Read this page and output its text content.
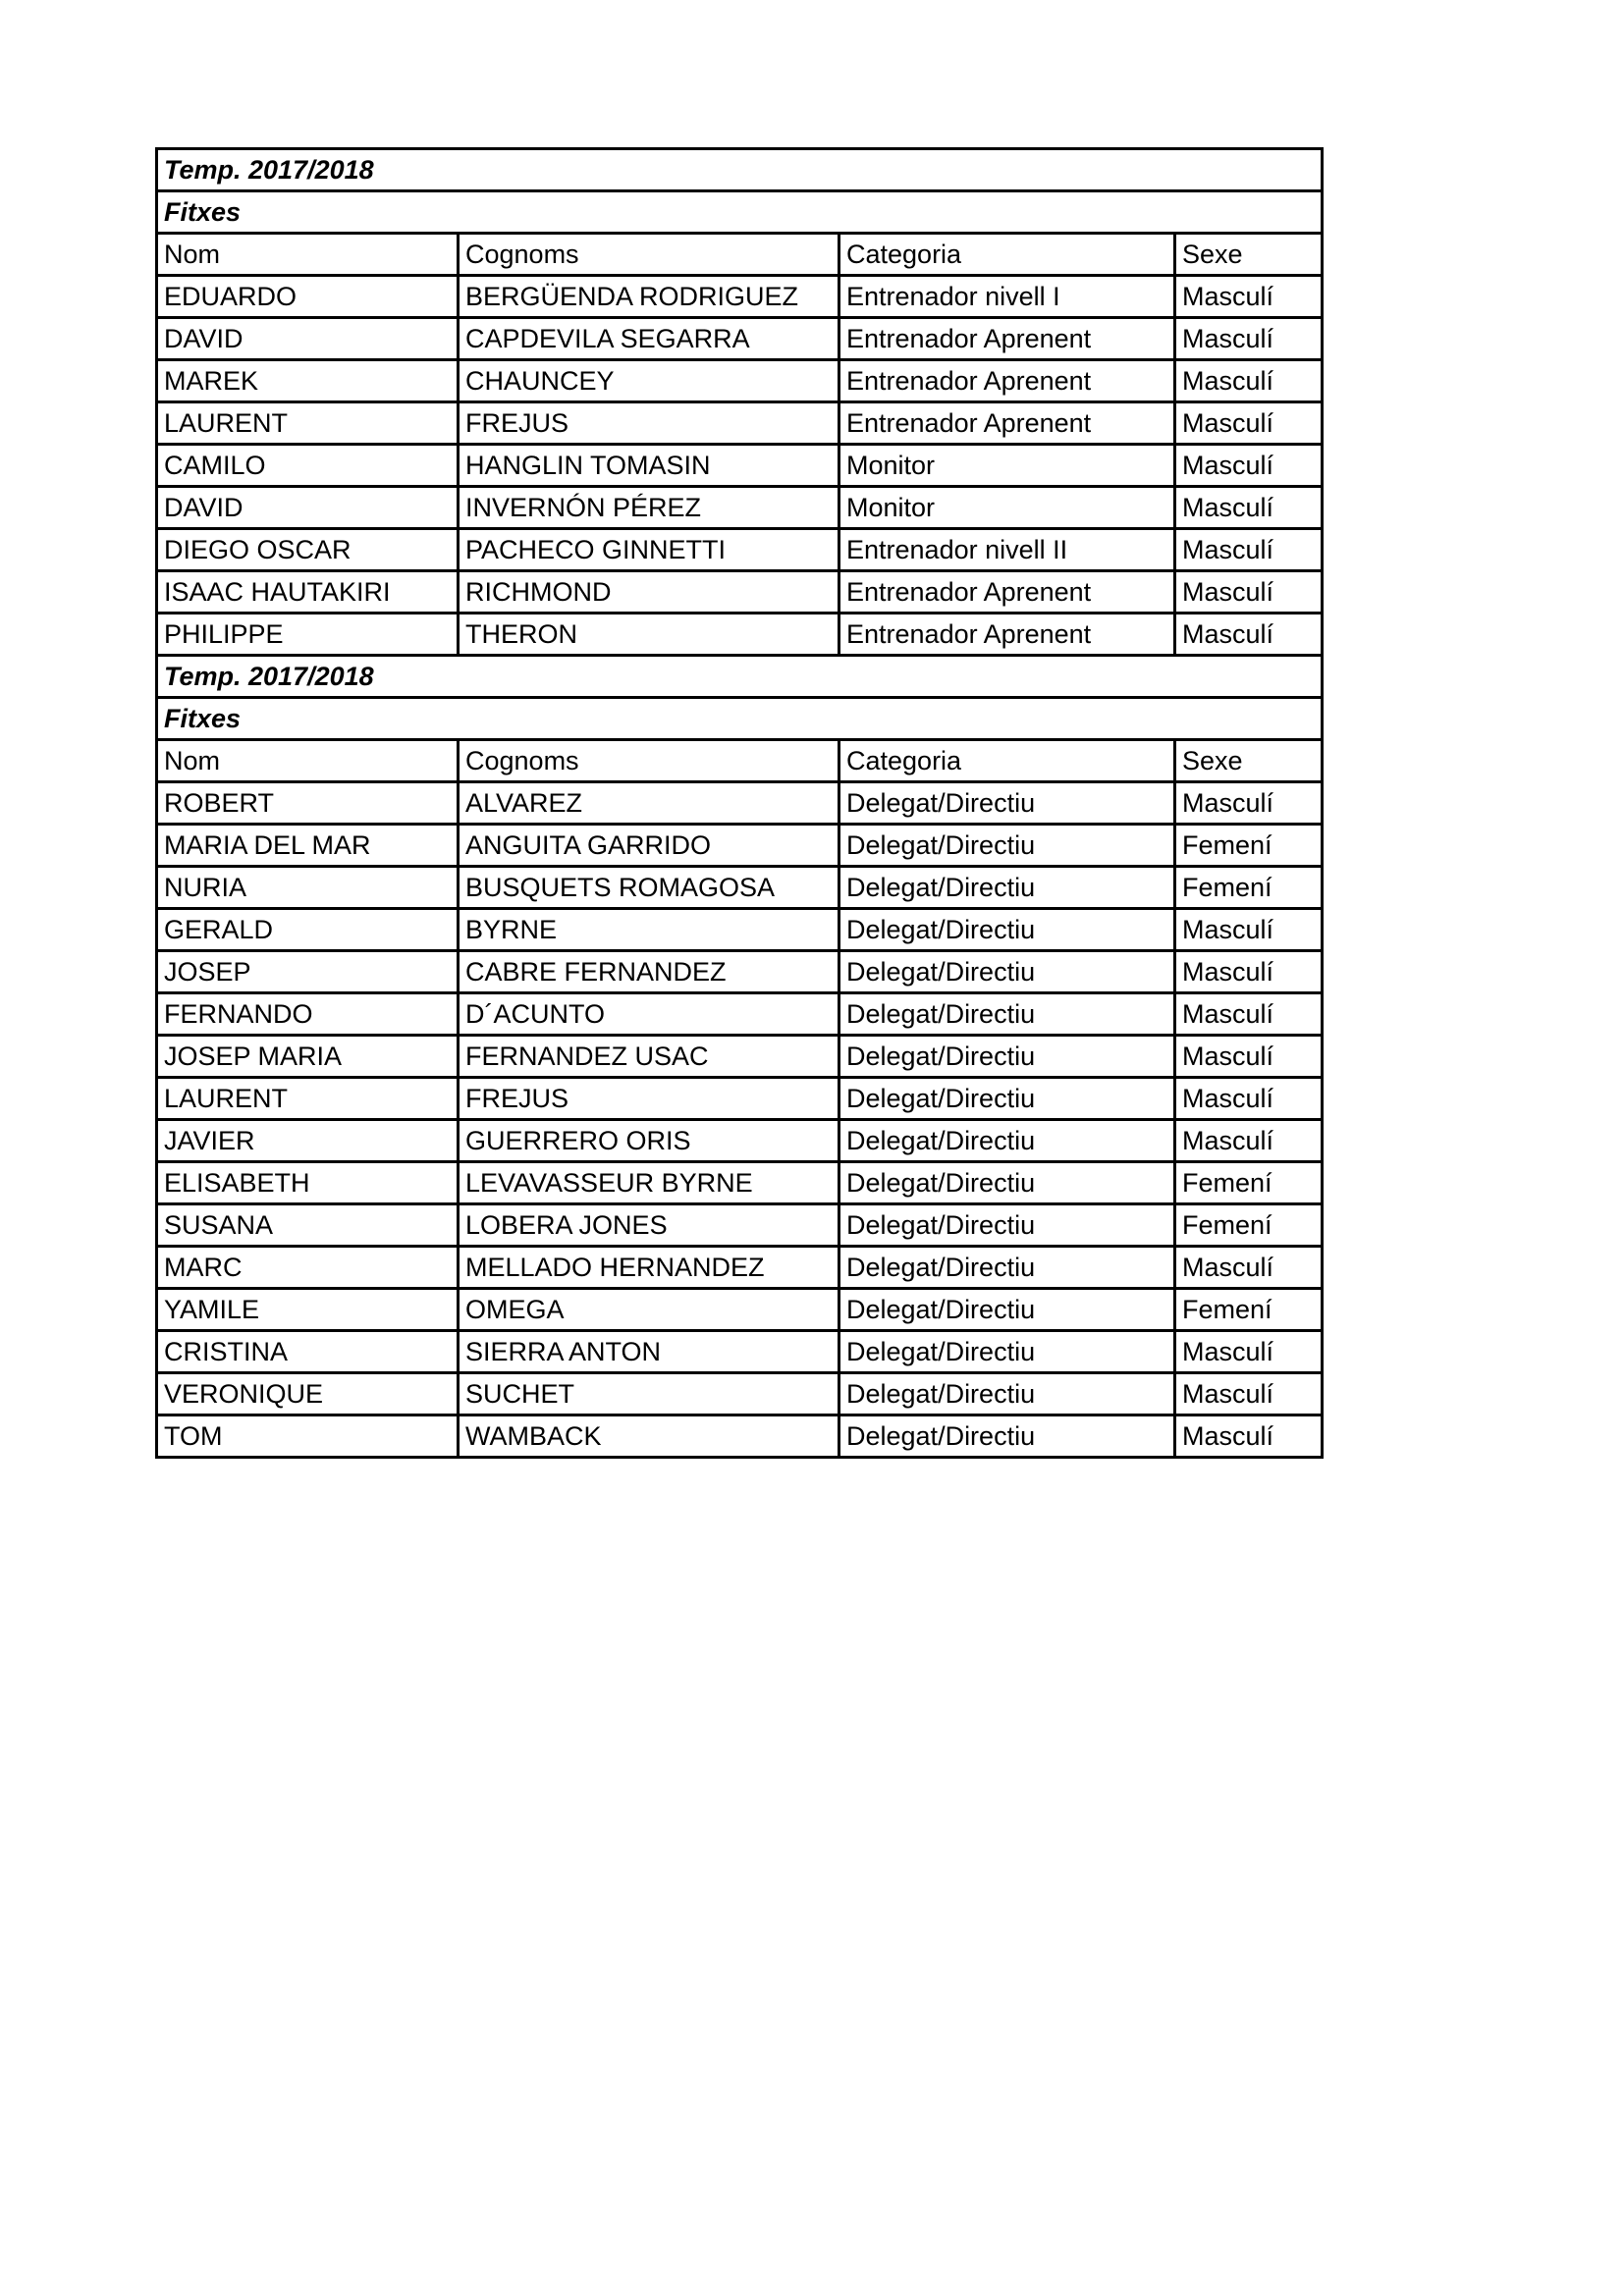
Temp. 2017/2018			
Fitxes			
Nom	Cognoms	Categoria	Sexe
EDUARDO	BERGÜENDA RODRIGUEZ	Entrenador nivell I	Masculí
DAVID	CAPDEVILA SEGARRA	Entrenador Aprenent	Masculí
MAREK	CHAUNCEY	Entrenador Aprenent	Masculí
LAURENT	FREJUS	Entrenador Aprenent	Masculí
CAMILO	HANGLIN TOMASIN	Monitor	Masculí
DAVID	INVERNÓN PÉREZ	Monitor	Masculí
DIEGO OSCAR	PACHECO GINNETTI	Entrenador nivell II	Masculí
ISAAC HAUTAKIRI	RICHMOND	Entrenador Aprenent	Masculí
PHILIPPE	THERON	Entrenador Aprenent	Masculí
Temp. 2017/2018			
Fitxes			
Nom	Cognoms	Categoria	Sexe
ROBERT	ALVAREZ	Delegat/Directiu	Masculí
MARIA DEL MAR	ANGUITA GARRIDO	Delegat/Directiu	Femení
NURIA	BUSQUETS ROMAGOSA	Delegat/Directiu	Femení
GERALD	BYRNE	Delegat/Directiu	Masculí
JOSEP	CABRE FERNANDEZ	Delegat/Directiu	Masculí
FERNANDO	D´ACUNTO	Delegat/Directiu	Masculí
JOSEP MARIA	FERNANDEZ USAC	Delegat/Directiu	Masculí
LAURENT	FREJUS	Delegat/Directiu	Masculí
JAVIER	GUERRERO ORIS	Delegat/Directiu	Masculí
ELISABETH	LEVAVASSEUR BYRNE	Delegat/Directiu	Femení
SUSANA	LOBERA JONES	Delegat/Directiu	Femení
MARC	MELLADO HERNANDEZ	Delegat/Directiu	Masculí
YAMILE	OMEGA	Delegat/Directiu	Femení
CRISTINA	SIERRA ANTON	Delegat/Directiu	Masculí
VERONIQUE	SUCHET	Delegat/Directiu	Masculí
TOM	WAMBACK	Delegat/Directiu	Masculí
